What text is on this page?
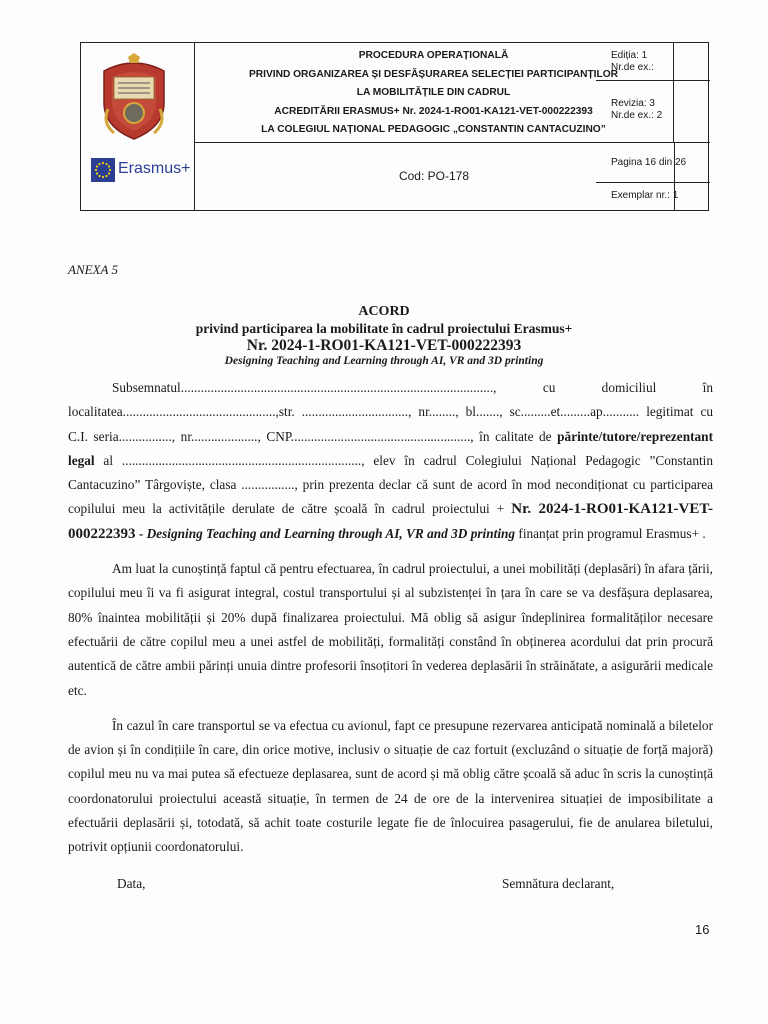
Erasmus+
PROCEDURA OPERAȚIONALĂ
PRIVIND ORGANIZAREA ȘI DESFĂȘURAREA SELECȚIEI PARTICIPANȚILOR
LA MOBILITĂȚILE DIN CADRUL
ACREDITĂRII ERASMUS+ Nr. 2024-1-RO01-KA121-VET-000222393
LA COLEGIUL NAȚIONAL PEDAGOGIC „CONSTANTIN CANTACUZINO”
Cod: PO-178
Ediția: 1
Nr.de ex.:
Revizia: 3
Nr.de ex.: 2
Pagina 16 din 26
Exemplar nr.: 1
ANEXA 5
ACORD
privind participarea la mobilitate în cadrul proiectului Erasmus+
Nr. 2024-1-RO01-KA121-VET-000222393
Designing Teaching and Learning through AI, VR and 3D printing

Subsemnatul.............................................................................................., cu domiciliul în localitatea..............................................,str. ................................, nr........, bl......., sc.........et.........ap........... legitimat cu C.I. seria................, nr...................., CNP......................................................, în calitate de părinte/tutore/reprezentant legal al ........................................................................, elev în cadrul Colegiului Național Pedagogic ”Constantin Cantacuzino” Târgoviște, clasa ................, prin prezenta declar că sunt de acord în mod necondiționat cu participarea copilului meu la activitățile derulate de către școală în cadrul proiectului + Nr. 2024-1-RO01-KA121-VET-000222393 - Designing Teaching and Learning through AI, VR and 3D printing finanțat prin programul Erasmus+ .

Am luat la cunoștință faptul că pentru efectuarea, în cadrul proiectului, a unei mobilități (deplasări) în afara țării, copilului meu îi va fi asigurat integral, costul transportului și al subzistenței în țara în care se va desfășura deplasarea, 80% înaintea mobilității și 20% după finalizarea proiectului. Mă oblig să asigur îndeplinirea formalităților necesare efectuării de către copilul meu a unei astfel de mobilități, formalități constând în obținerea acordului dat prin procură autentică de către ambii părinți unuia dintre profesorii însoțitori în vederea deplasării în străinătate, a asigurării medicale etc.

În cazul în care transportul se va efectua cu avionul, fapt ce presupune rezervarea anticipată nominală a biletelor de avion și în condițiile în care, din orice motive, inclusiv o situație de caz fortuit (excluzând o situație de forță majoră) copilul meu nu va mai putea să efectueze deplasarea, sunt de acord și mă oblig către școală să aduc în scris la cunoștință coordonatorului proiectului această situație, în termen de 24 de ore de la intervenirea situației de imposibilitate a efectuării deplasării și, totodată, să achit toate costurile legate fie de înlocuirea pasagerului, fie de anularea biletului, potrivit opțiunii coordonatorului.

Data,	Semnătura declarant,
16
